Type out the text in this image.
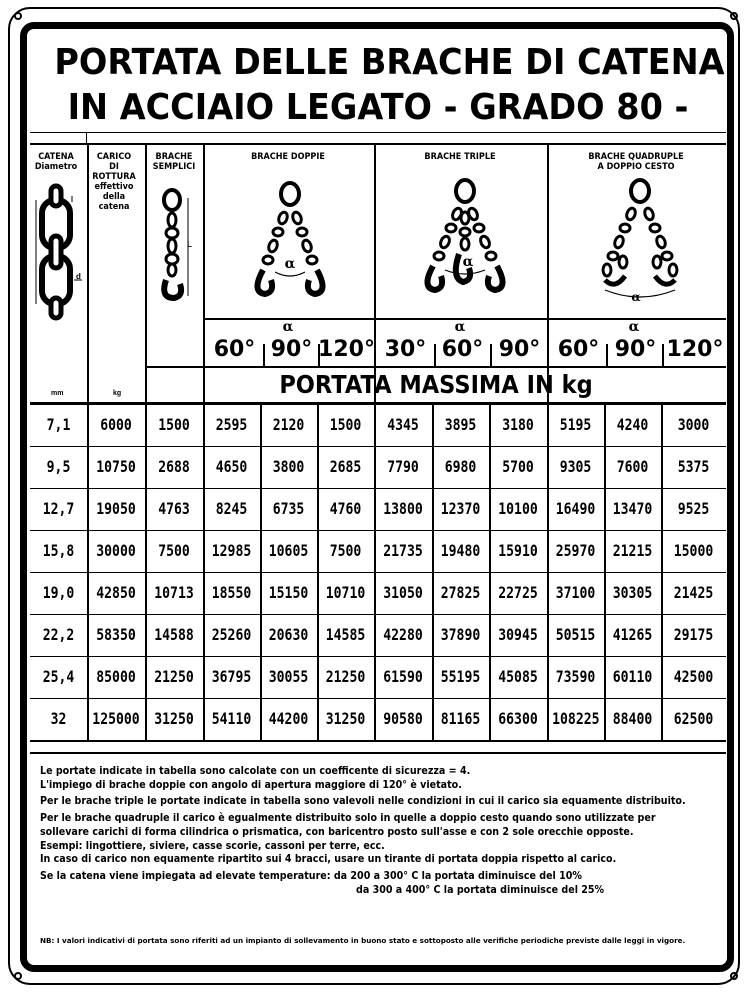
PORTATA DELLE BRACHE DI CATENA
IN ACCIAIO LEGATO - GRADO 80 -
CATENA
Diametro
CARICO
DI
ROTTURA
effettivo
della catena
BRACHE
SEMPLICI
BRACHE DOPPIE	BRACHE TRIPLE	BRACHE QUADRUPLE
A DOPPIO CESTO
mm	kg
d
d
L
α	α
α
α	α	α
60° 90° 120° 30° 60° 90° 60° 90° 120°
PORTATA MASSIMA IN kg
7,1	6000	1500	2595	2120	1500	4345	3895	3180	5195	4240	3000
9,5	10750	2688	4650	3800	2685	7790	6980	5700	9305	7600	5375
12,7	19050	4763	8245	6735	4760	13800 12370 10100 16490 13470	9525
15,8	30000	7500	12985 10605	7500	21735 19480 15910 25970 21215	15000
19,0	42850 10713 18550 15150 10710 31050 27825 22725 37100 30305	21425
22,2	58350 14588 25260 20630 14585 42280 37890 30945 50515 41265	29175
25,4	85000 21250 36795 30055 21250 61590 55195 45085 73590 60110	42500
32	125000 31250 54110 44200 31250 90580 81165 66300 108225 88400	62500

Le portate indicate in tabella sono calcolate con un coefficente di sicurezza = 4.

L'impiego di brache doppie con angolo di apertura maggiore di 120° è vietato.

Per le brache triple le portate indicate in tabella sono valevoli nelle condizioni in cui il carico sia equamente distribuito.

Per le brache quadruple il carico è egualmente distribuito solo in quelle a doppio cesto quando sono utilizzate per

sollevare carichi di forma cilindrica o prismatica, con baricentro posto sull'asse e con 2 sole orecchie opposte.

Esempi: lingottiere, siviere, casse scorie, cassoni per terre, ecc.

In caso di carico non equamente ripartito sui 4 bracci, usare un tirante di portata doppia rispetto al carico.

Se la catena viene impiegata ad elevate temperature: da 200 a 300° C la portata diminuisce del 10%

da 300 a 400° C la portata diminuisce del 25%

NB: I valori indicativi di portata sono riferiti ad un impianto di sollevamento in buono stato e sottoposto alle verifiche periodiche previste dalle leggi in vigore.
